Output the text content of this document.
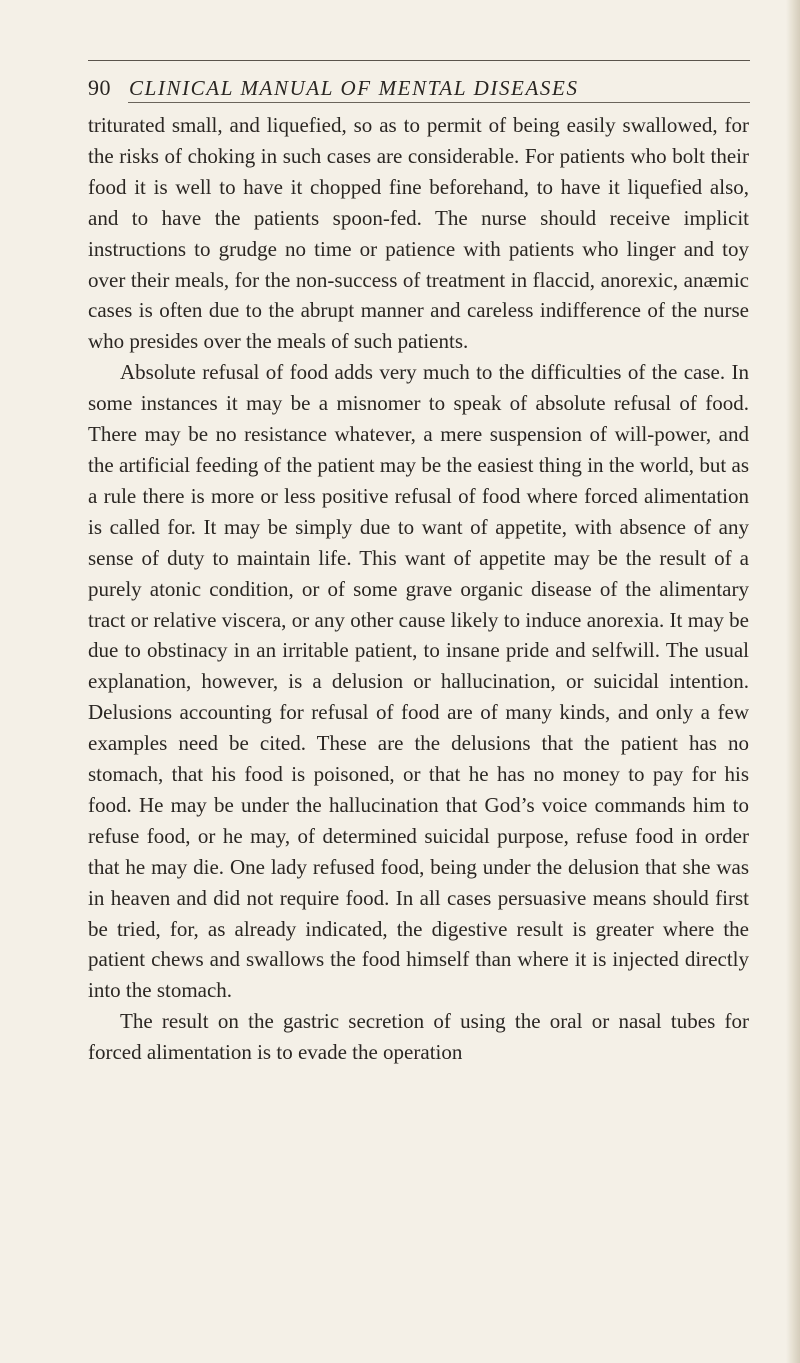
90 CLINICAL MANUAL OF MENTAL DISEASES

triturated small, and liquefied, so as to permit of being easily swallowed, for the risks of choking in such cases are considerable. For patients who bolt their food it is well to have it chopped fine beforehand, to have it liquefied also, and to have the patients spoon-fed. The nurse should receive implicit instructions to grudge no time or patience with patients who linger and toy over their meals, for the non-success of treatment in flaccid, anorexic, anæmic cases is often due to the abrupt manner and careless indifference of the nurse who presides over the meals of such patients.

Absolute refusal of food adds very much to the difficulties of the case. In some instances it may be a misnomer to speak of absolute refusal of food. There may be no resistance whatever, a mere suspension of will-power, and the artificial feeding of the patient may be the easiest thing in the world, but as a rule there is more or less positive refusal of food where forced alimentation is called for. It may be simply due to want of appetite, with absence of any sense of duty to maintain life. This want of appetite may be the result of a purely atonic condition, or of some grave organic disease of the alimentary tract or relative viscera, or any other cause likely to induce anorexia. It may be due to obstinacy in an irritable patient, to insane pride and selfwill. The usual explanation, however, is a delusion or hallucination, or suicidal intention. Delusions accounting for refusal of food are of many kinds, and only a few examples need be cited. These are the delusions that the patient has no stomach, that his food is poisoned, or that he has no money to pay for his food. He may be under the hallucination that God’s voice commands him to refuse food, or he may, of determined suicidal purpose, refuse food in order that he may die. One lady refused food, being under the delusion that she was in heaven and did not require food. In all cases persuasive means should first be tried, for, as already indicated, the digestive result is greater where the patient chews and swallows the food himself than where it is injected directly into the stomach.

The result on the gastric secretion of using the oral or nasal tubes for forced alimentation is to evade the operation
